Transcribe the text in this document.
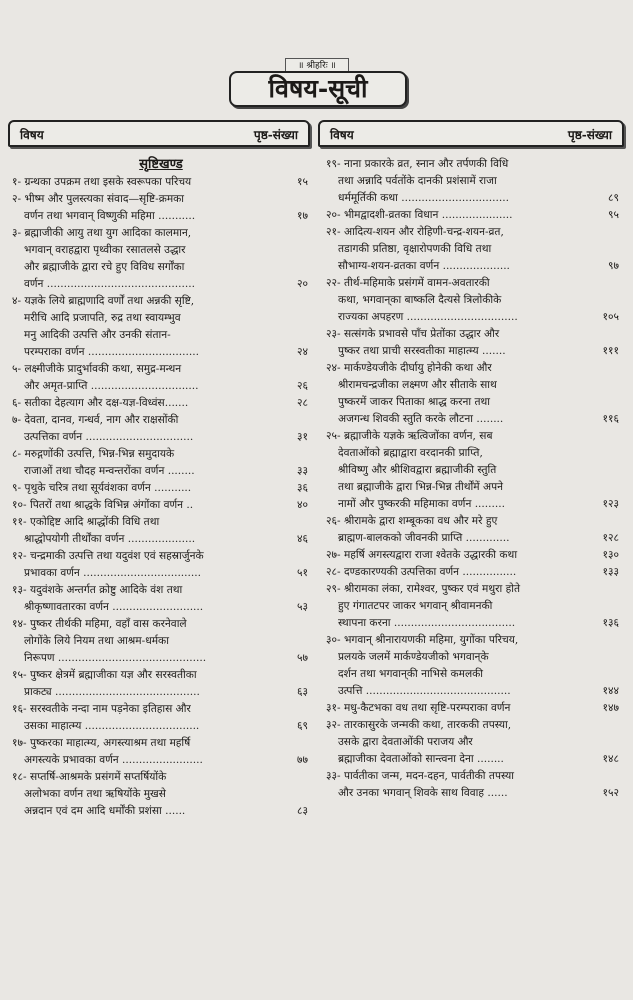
॥ श्रीहरिः ॥
विषय-सूची
विषय	पृष्ठ-संख्या	विषय	पृष्ठ-संख्या
सृष्टिखण्ड
१- ग्रन्थका उपक्रम तथा इसके स्वरूपका परिचय	१५
२- भीष्म और पुलस्त्यका संवाद—सृष्टि-क्रमका
वर्णन तथा भगवान् विष्णुकी महिमा ...........	१७
३- ब्रह्माजीकी आयु तथा युग आदिका कालमान,
भगवान् वराहद्वारा पृथ्वीका रसातलसे उद्धार
और ब्रह्माजीके द्वारा रचे हुए विविध सर्गोंका
वर्णन ............................................	२०
४- यज्ञके लिये ब्राह्मणादि वर्णों तथा अन्नकी सृष्टि,
मरीचि आदि प्रजापति, रुद्र तथा स्वायम्भुव
मनु आदिकी उत्पत्ति और उनकी संतान-
परम्पराका वर्णन .................................	२४
५- लक्ष्मीजीके प्रादुर्भावकी कथा, समुद्र-मन्थन
और अमृत-प्राप्ति ................................	२६
६- सतीका देहत्याग और दक्ष-यज्ञ-विध्वंस.......	२८
७- देवता, दानव, गन्धर्व, नाग और राक्षसोंकी
उत्पत्तिका वर्णन ................................	३१
८- मरुद्गणोंकी उत्पत्ति, भिन्न-भिन्न समुदायके
राजाओं तथा चौदह मन्वन्तरोंका वर्णन ........	३३
९- पृथुके चरित्र तथा सूर्यवंशका वर्णन ...........	३६
१०- पितरों तथा श्राद्धके विभिन्न अंगोंका वर्णन ..	४०
११- एकोद्दिष्ट आदि श्राद्धोंकी विधि तथा
श्राद्धोपयोगी तीर्थोंका वर्णन ....................	४६
१२- चन्द्रमाकी उत्पत्ति तथा यदुवंश एवं सहस्रार्जुनके
प्रभावका वर्णन ...................................	५१
१३- यदुवंशके अन्तर्गत क्रोष्टु आदिके वंश तथा
श्रीकृष्णावतारका वर्णन ...........................	५३
१४- पुष्कर तीर्थकी महिमा, वहाँ वास करनेवाले
लोगोंके लिये नियम तथा आश्रम-धर्मका
निरूपण ............................................	५७
१५- पुष्कर क्षेत्रमें ब्रह्माजीका यज्ञ और सरस्वतीका
प्राकट्य ...........................................	६३
१६- सरस्वतीके नन्दा नाम पड़नेका इतिहास और
उसका माहात्म्य ..................................	६९
१७- पुष्करका माहात्म्य, अगस्त्याश्रम तथा महर्षि
अगस्त्यके प्रभावका वर्णन ........................	७७
१८- सप्तर्षि-आश्रमके प्रसंगमें सप्तर्षियोंके
अलोभका वर्णन तथा ऋषियोंके मुखसे
अन्नदान एवं दम आदि धर्मोंकी प्रशंसा ......	८३
१९- नाना प्रकारके व्रत, स्नान और तर्पणकी विधि
तथा अन्नादि पर्वतोंके दानकी प्रशंसामें राजा
धर्ममूर्तिकी कथा ................................	८९
२०- भीमद्वादशी-व्रतका विधान .....................	९५
२१- आदित्य-शयन और रोहिणी-चन्द्र-शयन-व्रत,
तडागकी प्रतिष्ठा, वृक्षारोपणकी विधि तथा
सौभाग्य-शयन-व्रतका वर्णन ....................	९७
२२- तीर्थ-महिमाके प्रसंगमें वामन-अवतारकी
कथा, भगवान्‌का बाष्कलि दैत्यसे त्रिलोकीके
राज्यका अपहरण .................................	१०५
२३- सत्संगके प्रभावसे पाँच प्रेतोंका उद्धार और
पुष्कर तथा प्राची सरस्वतीका माहात्म्य .......	१११
२४- मार्कण्डेयजीके दीर्घायु होनेकी कथा और
श्रीरामचन्द्रजीका लक्ष्मण और सीताके साथ
पुष्करमें जाकर पिताका श्राद्ध करना तथा
अजगन्ध शिवकी स्तुति करके लौटना ........	११६
२५- ब्रह्माजीके यज्ञके ऋत्विजोंका वर्णन, सब
देवताओंको ब्रह्माद्वारा वरदानकी प्राप्ति,
श्रीविष्णु और श्रीशिवद्वारा ब्रह्माजीकी स्तुति
तथा ब्रह्माजीके द्वारा भिन्न-भिन्न तीर्थोंमें अपने
नामों और पुष्करकी महिमाका वर्णन .........	१२३
२६- श्रीरामके द्वारा शम्बूकका वध और मरे हुए
ब्राह्मण-बालकको जीवनकी प्राप्ति .............	१२८
२७- महर्षि अगस्त्यद्वारा राजा श्वेतके उद्धारकी कथा	१३०
२८- दण्डकारण्यकी उत्पत्तिका वर्णन ................	१३३
२९- श्रीरामका लंका, रामेश्वर, पुष्कर एवं मथुरा होते
हुए गंगातटपर जाकर भगवान् श्रीवामनकी
स्थापना करना ....................................	१३६
३०- भगवान् श्रीनारायणकी महिमा, युगोंका परिचय,
प्रलयके जलमें मार्कण्डेयजीको भगवान्‌के
दर्शन तथा भगवान्‌की नाभिसे कमलकी
उत्पत्ति ...........................................	१४४
३१- मधु-कैटभका वध तथा सृष्टि-परम्पराका वर्णन	१४७
३२- तारकासुरके जन्मकी कथा, तारककी तपस्या,
उसके द्वारा देवताओंकी पराजय और
ब्रह्माजीका देवताओंको सान्त्वना देना ........	१४८
३३- पार्वतीका जन्म, मदन-दहन, पार्वतीकी तपस्या
और उनका भगवान् शिवके साथ विवाह ......	१५२
